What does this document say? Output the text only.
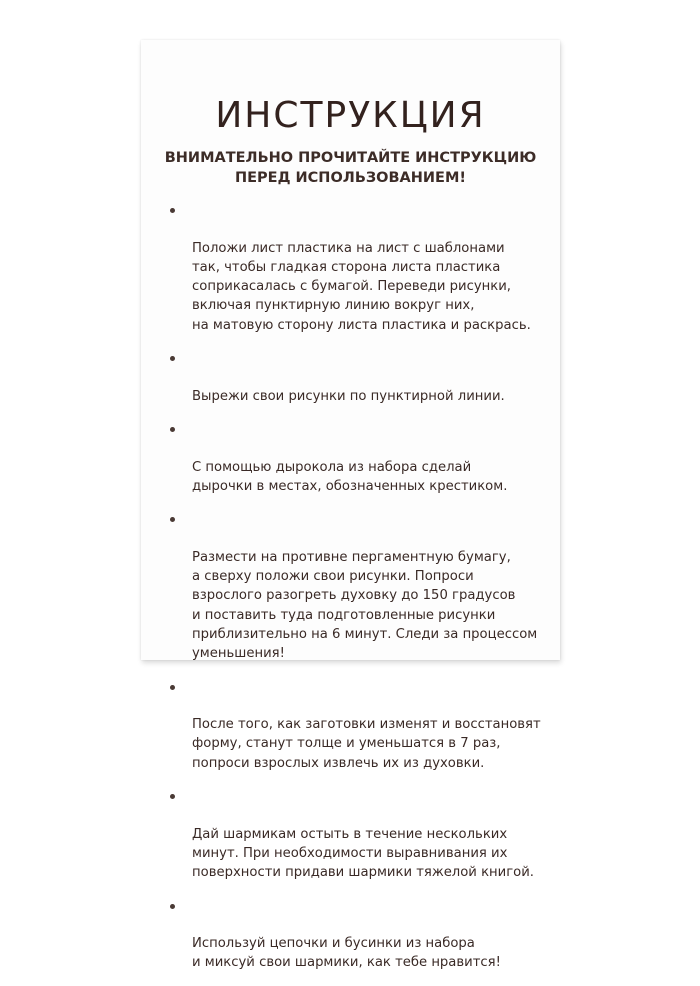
ИНСТРУКЦИЯ

ВНИМАТЕЛЬНО ПРОЧИТАЙТЕ ИНСТРУКЦИЮ
ПЕРЕД ИСПОЛЬЗОВАНИЕМ!

Положи лист пластика на лист с шаблонами
так, чтобы гладкая сторона листа пластика
соприкасалась с бумагой. Переведи рисунки,
включая пунктирную линию вокруг них,
на матовую сторону листа пластика и раскрась.

Вырежи свои рисунки по пунктирной линии.

С помощью дырокола из набора сделай
дырочки в местах, обозначенных крестиком.

Размести на противне пергаментную бумагу,
а сверху положи свои рисунки. Попроси
взрослого разогреть духовку до 150 градусов
и поставить туда подготовленные рисунки
приблизительно на 6 минут. Следи за процессом
уменьшения!

После того, как заготовки изменят и восстановят
форму, станут толще и уменьшатся в 7 раз,
попроси взрослых извлечь их из духовки.

Дай шармикам остыть в течение нескольких
минут. При необходимости выравнивания их
поверхности придави шармики тяжелой книгой.

Используй цепочки и бусинки из набора
и миксуй свои шармики, как тебе нравится!
